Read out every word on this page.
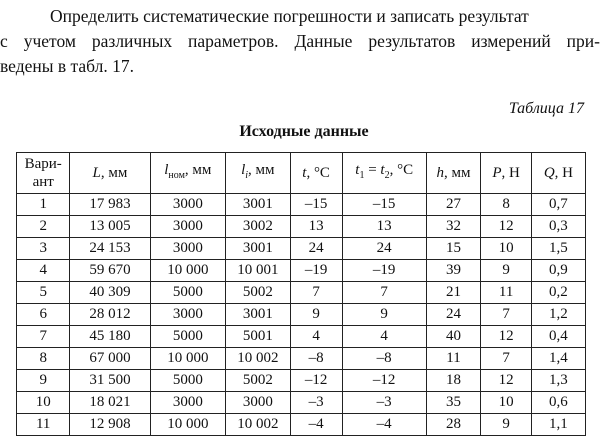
Определить систематические погрешности и записать результат
с учетом различных параметров. Данные результатов измерений при-
ведены в табл. 17.
Таблица 17
Исходные данные
Вари-
ант	L, мм	$l_{ном}$, мм	$l_i$, мм	t, °С	$t_1 = t_2$, °С	h, мм	P, Н	Q, Н
1	17 983	3000	3001	–15	–15	27	8	0,7
2	13 005	3000	3002	13	13	32	12	0,3
3	24 153	3000	3001	24	24	15	10	1,5
4	59 670	10 000	10 001	–19	–19	39	9	0,9
5	40 309	5000	5002	7	7	21	11	0,2
6	28 012	3000	3001	9	9	24	7	1,2
7	45 180	5000	5001	4	4	40	12	0,4
8	67 000	10 000	10 002	–8	–8	11	7	1,4
9	31 500	5000	5002	–12	–12	18	12	1,3
10	18 021	3000	3000	–3	–3	35	10	0,6
11	12 908	10 000	10 002	–4	–4	28	9	1,1
